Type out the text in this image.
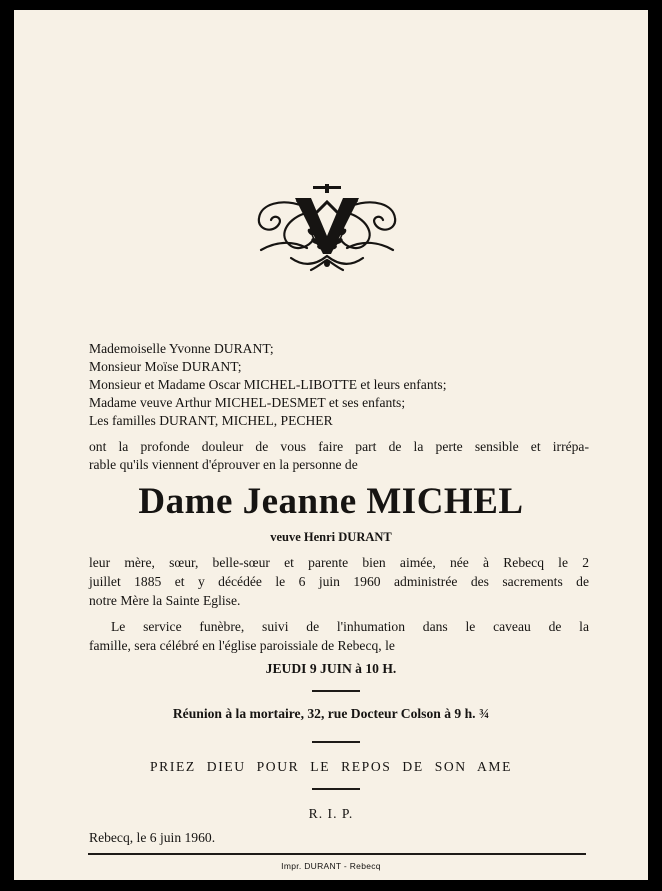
Mademoiselle Yvonne DURANT;
Monsieur Moïse DURANT;
Monsieur et Madame Oscar MICHEL-LIBOTTE et leurs enfants;
Madame veuve Arthur MICHEL-DESMET et ses enfants;
Les familles DURANT, MICHEL, PECHER
ont la profonde douleur de vous faire part de la perte sensible et irrépa-
rable qu'ils viennent d'éprouver en la personne de
Dame Jeanne MICHEL
veuve Henri DURANT
leur mère, sœur, belle-sœur et parente bien aimée, née à Rebecq le 2
juillet 1885 et y décédée le 6 juin 1960 administrée des sacrements de
notre Mère la Sainte Eglise.
Le service funèbre, suivi de l'inhumation dans le caveau de la
famille, sera célébré en l'église paroissiale de Rebecq, le
JEUDI 9 JUIN à 10 H.
Réunion à la mortaire, 32, rue Docteur Colson à 9 h. ¾
PRIEZ DIEU POUR LE REPOS DE SON AME
R. I. P.
Rebecq, le 6 juin 1960.
Impr. DURANT - Rebecq
